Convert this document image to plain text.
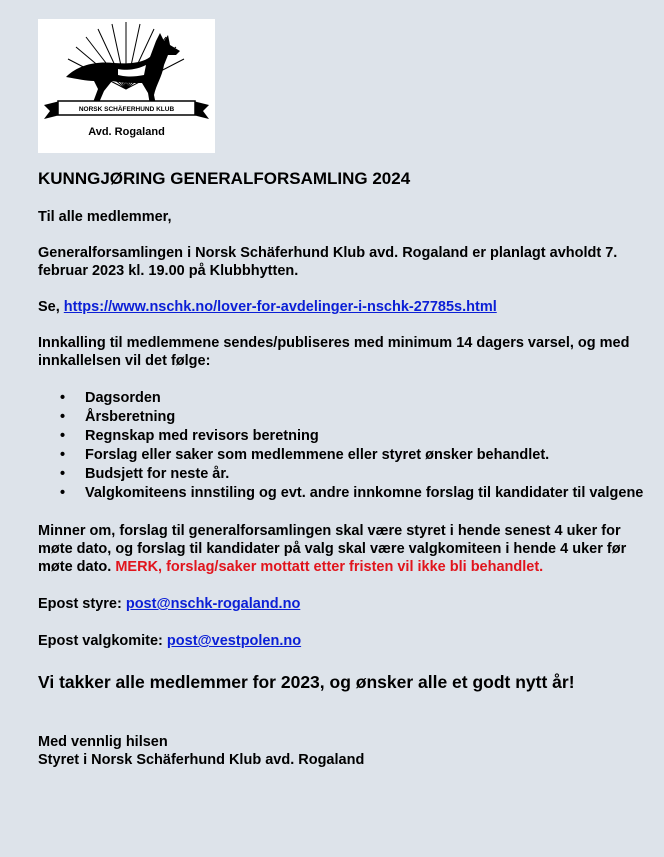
NORSK SCHÄFERHUND KLUB
Avd. Rogaland
KUNNGJØRING GENERALFORSAMLING 2024

Til alle medlemmer,

Generalforsamlingen i Norsk Schäferhund Klub avd. Rogaland er planlagt avholdt 7. februar 2023 kl. 19.00 på Klubbhytten.

Se, https://www.nschk.no/lover-for-avdelinger-i-nschk-27785s.html

Innkalling til medlemmene sendes/publiseres med minimum 14 dagers varsel, og med innkallelsen vil det følge:

• Dagsorden
• Årsberetning
• Regnskap med revisors beretning
• Forslag eller saker som medlemmene eller styret ønsker behandlet.
• Budsjett for neste år.
• Valgkomiteens innstiling og evt. andre innkomne forslag til kandidater til valgene

Minner om, forslag til generalforsamlingen skal være styret i hende senest 4 uker for møte dato, og forslag til kandidater på valg skal være valgkomiteen i hende 4 uker før møte dato. MERK, forslag/saker mottatt etter fristen vil ikke bli behandlet.

Epost styre: post@nschk-rogaland.no

Epost valgkomite: post@vestpolen.no

Vi takker alle medlemmer for 2023, og ønsker alle et godt nytt år!

Med vennlig hilsen

Styret i Norsk Schäferhund Klub avd. Rogaland
